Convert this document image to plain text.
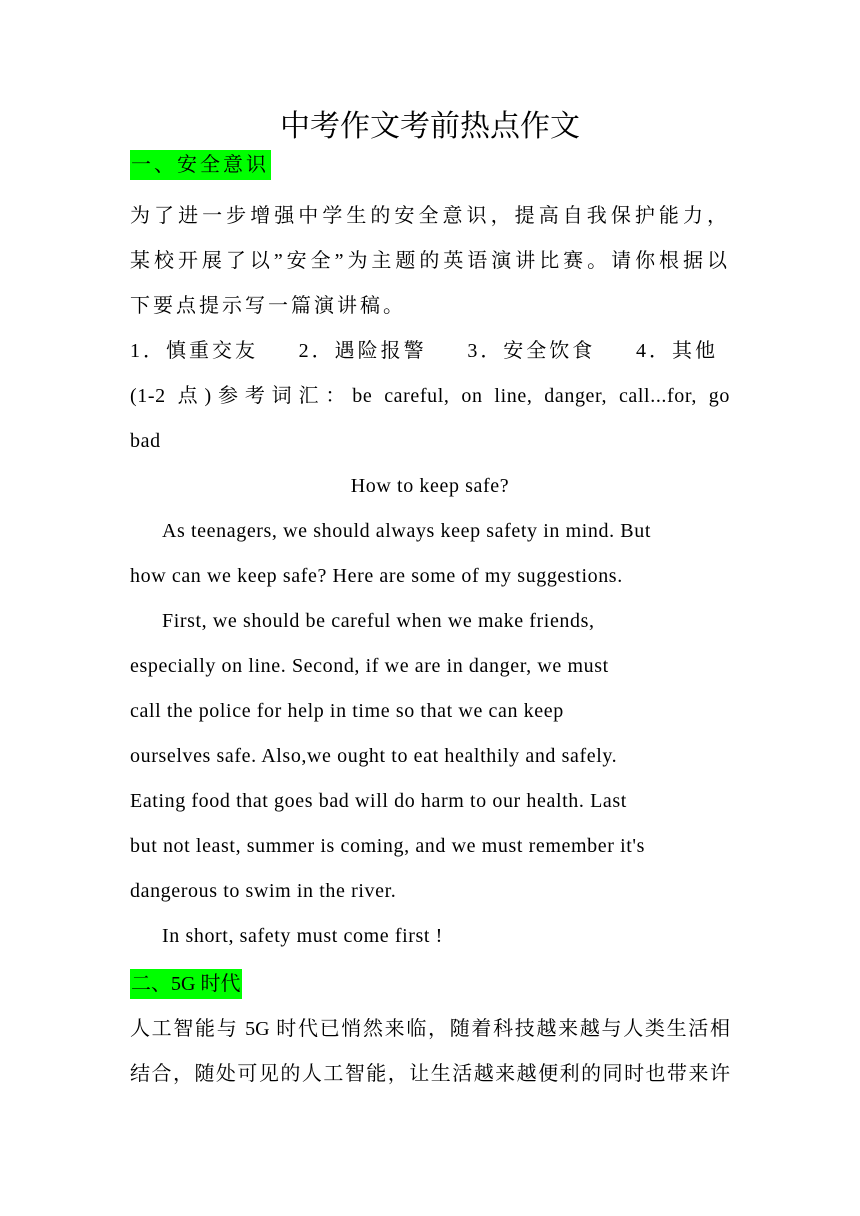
中考作文考前热点作文
一、安全意识
为了进一步增强中学生的安全意识，提高自我保护能力，
某校开展了以”安全”为主题的英语演讲比赛。请你根据以
下要点提示写一篇演讲稿。
1．慎重交友 2．遇险报警 3．安全饮食 4．其他
(1-2 点)参考词汇：be careful, on line, danger, call...for, go
bad
How to keep safe?
As teenagers, we should always keep safety in mind. But
how can we keep safe? Here are some of my suggestions.
First, we should be careful when we make friends,
especially on line. Second, if we are in danger, we must
call the police for help in time so that we can keep
ourselves safe. Also,we ought to eat healthily and safely.
Eating food that goes bad will do harm to our health. Last
but not least, summer is coming, and we must remember it's
dangerous to swim in the river.
In short, safety must come first !
二、5G 时代
人工智能与 5G 时代已悄然来临，随着科技越来越与人类生活相
结合，随处可见的人工智能，让生活越来越便利的同时也带来许
